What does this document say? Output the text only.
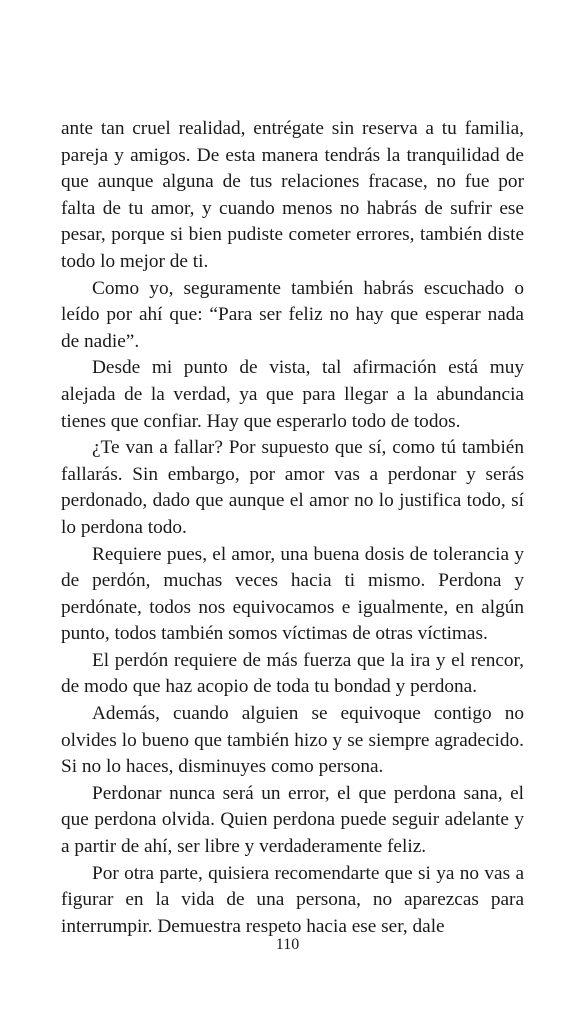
ante tan cruel realidad, entrégate sin reserva a tu familia, pareja y amigos. De esta manera tendrás la tranquilidad de que aunque alguna de tus relaciones fracase, no fue por falta de tu amor, y cuando menos no habrás de sufrir ese pesar, porque si bien pudiste cometer errores, también diste todo lo mejor de ti.

Como yo, seguramente también habrás escuchado o leído por ahí que: “Para ser feliz no hay que esperar nada de nadie”.

Desde mi punto de vista, tal afirmación está muy alejada de la verdad, ya que para llegar a la abundancia tienes que confiar. Hay que esperarlo todo de todos.

¿Te van a fallar? Por supuesto que sí, como tú también fallarás. Sin embargo, por amor vas a perdonar y serás perdonado, dado que aunque el amor no lo justifica todo, sí lo perdona todo.

Requiere pues, el amor, una buena dosis de tolerancia y de perdón, muchas veces hacia ti mismo. Perdona y perdónate, todos nos equivocamos e igualmente, en algún punto, todos también somos víctimas de otras víctimas.

El perdón requiere de más fuerza que la ira y el rencor, de modo que haz acopio de toda tu bondad y perdona.

Además, cuando alguien se equivoque contigo no olvides lo bueno que también hizo y se siempre agradecido. Si no lo haces, disminuyes como persona.

Perdonar nunca será un error, el que perdona sana, el que perdona olvida. Quien perdona puede seguir adelante y a partir de ahí, ser libre y verdaderamente feliz.

Por otra parte, quisiera recomendarte que si ya no vas a figurar en la vida de una persona, no aparezcas para interrumpir. Demuestra respeto hacia ese ser, dale

110
